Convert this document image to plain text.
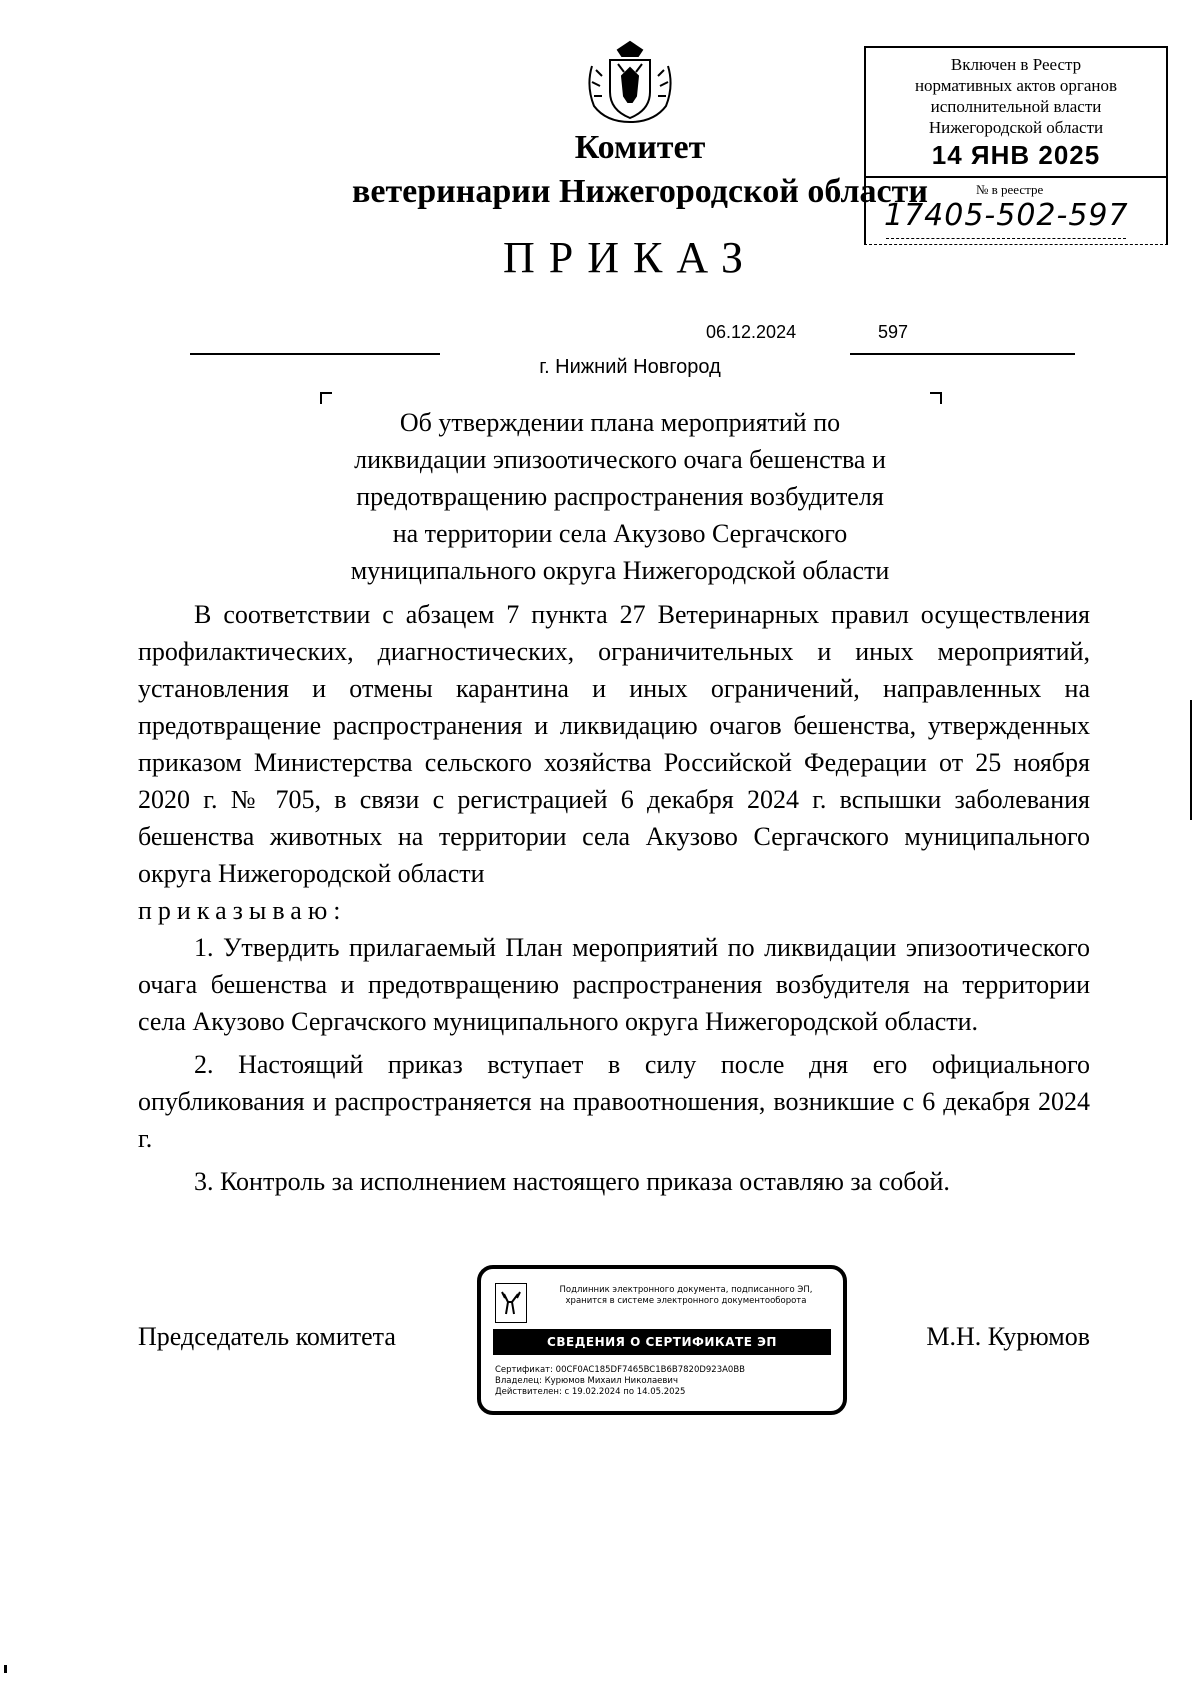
Комитет
ветеринарии Нижегородской области
ПРИКАЗ
Включен в Реестр
нормативных актов органов
исполнительной власти
Нижегородской области
14 ЯНВ 2025
№ в реестре
17405-502-597
06.12.2024	597
г. Нижний Новгород
Об утверждении плана мероприятий по
ликвидации эпизоотического очага бешенства и
предотвращению распространения возбудителя
на территории села Акузово Сергачского
муниципального округа Нижегородской области

В соответствии с абзацем 7 пункта 27 Ветеринарных правил осуществления профилактических, диагностических, ограничительных и иных мероприятий, установления и отмены карантина и иных ограничений, направленных на предотвращение распространения и ликвидацию очагов бешенства, утвержденных приказом Министерства сельского хозяйства Российской Федерации от 25 ноября 2020 г. № 705, в связи с регистрацией 6 декабря 2024 г. вспышки заболевания бешенства животных на территории села Акузово Сергачского муниципального округа Нижегородской области

приказываю:

1. Утвердить прилагаемый План мероприятий по ликвидации эпизоотического очага бешенства и предотвращению распространения возбудителя на территории села Акузово Сергачского муниципального округа Нижегородской области.

2. Настоящий приказ вступает в силу после дня его официального опубликования и распространяется на правоотношения, возникшие с 6 декабря 2024 г.

3. Контроль за исполнением настоящего приказа оставляю за собой.

Председатель комитета	М.Н. Курюмов
Подлинник электронного документа, подписанного ЭП,
хранится в системе электронного документооборота
СВЕДЕНИЯ О СЕРТИФИКАТЕ ЭП
Сертификат: 00CF0AC185DF7465BC1B6B7820D923A0BB
Владелец: Курюмов Михаил Николаевич
Действителен: с 19.02.2024 по 14.05.2025
